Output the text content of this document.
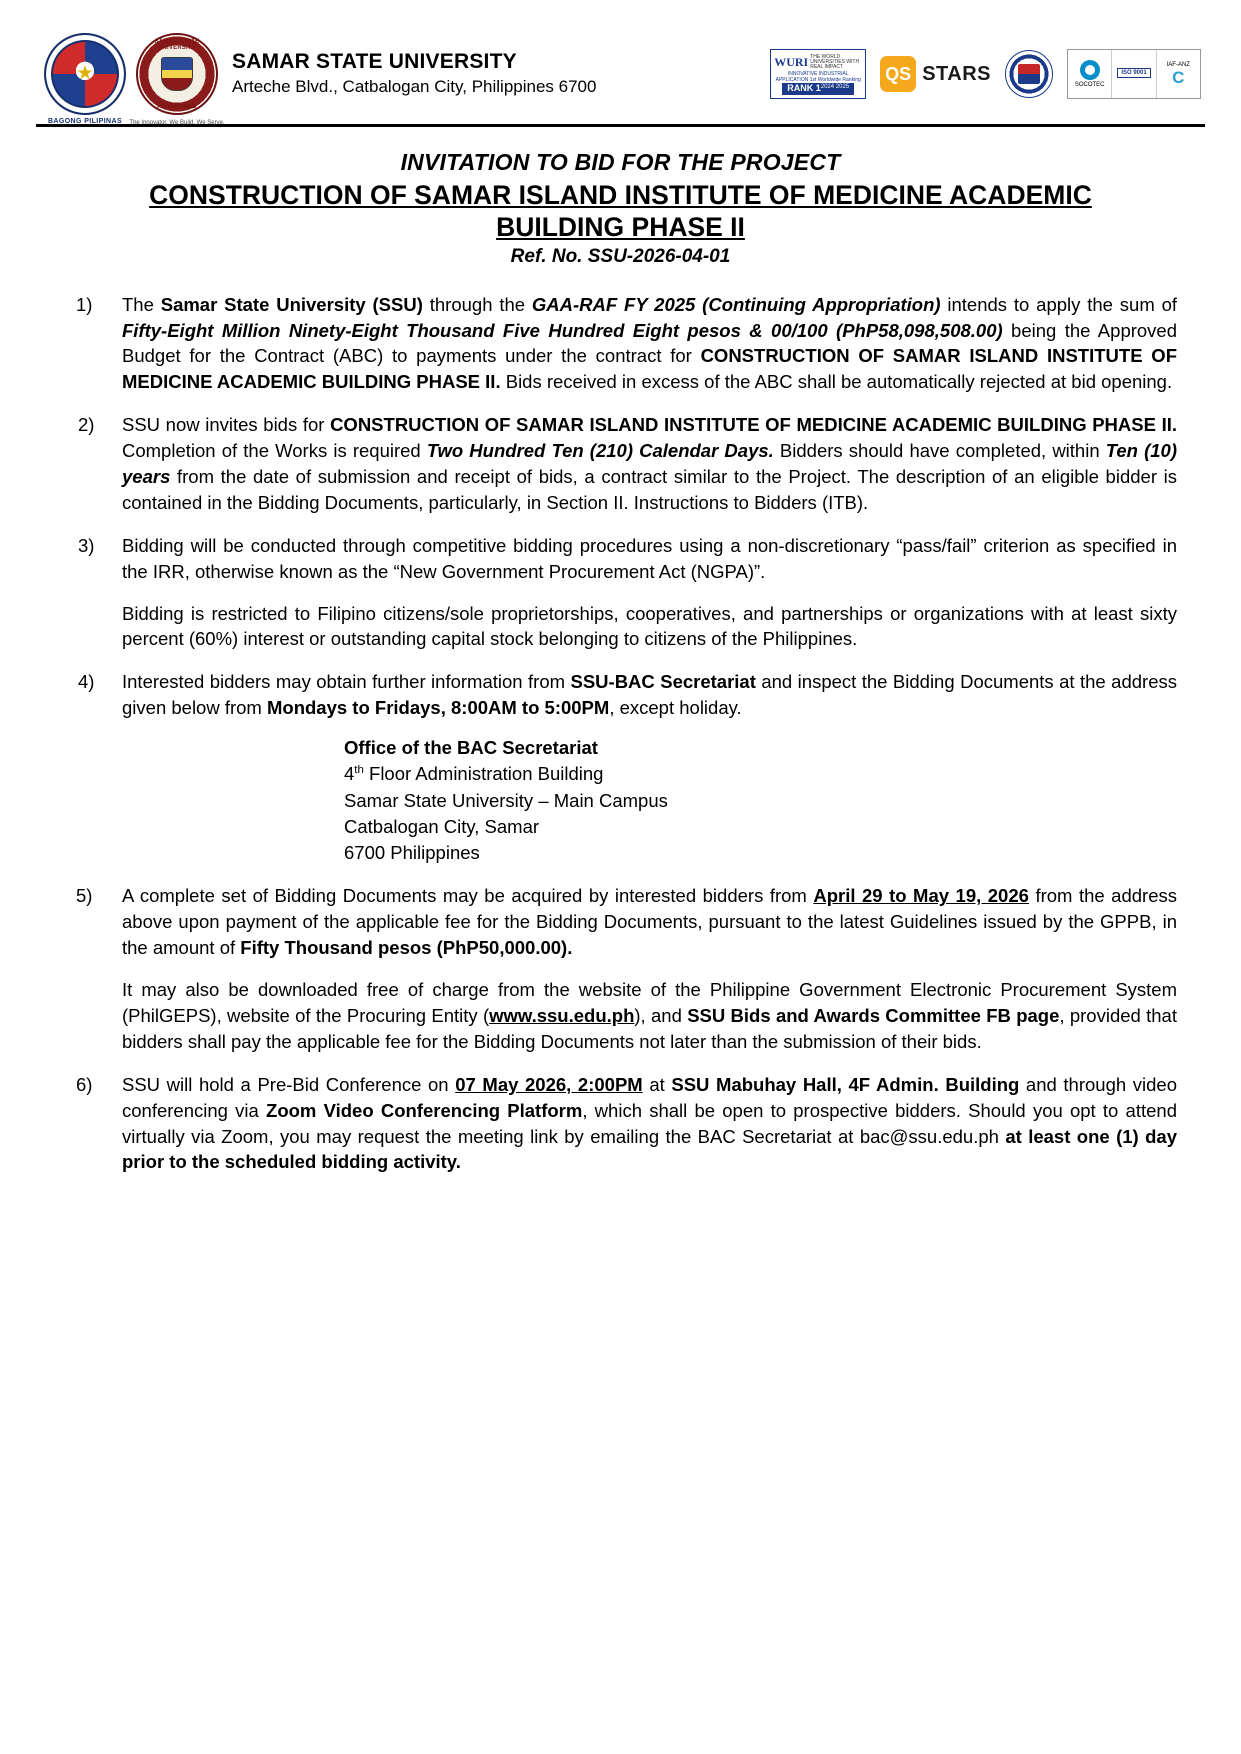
BAGONG PILIPINAS
★
SAMAR STATE UNIVERSITY
PHILIPPINES
The Innovator, We Build, We Serve.
SAMAR STATE UNIVERSITY
Arteche Blvd., Catbalogan City, Philippines 6700
WURI THE WORLD UNIVERSITIES WITH REAL IMPACT
INNOVATIVE INDUSTRIAL APPLICATION 1st Worldwide Ranking
RANK 1 2024 2025
QS STARS
SOCOTEC
ISO 9001
IAF-ANZ
C
INVITATION TO BID FOR THE PROJECT
CONSTRUCTION OF SAMAR ISLAND INSTITUTE OF MEDICINE ACADEMIC BUILDING PHASE II
Ref. No. SSU-2026-04-01
1)	The Samar State University (SSU) through the GAA-RAF FY 2025 (Continuing Appropriation) intends to apply the sum of Fifty-Eight Million Ninety-Eight Thousand Five Hundred Eight pesos & 00/100 (PhP58,098,508.00) being the Approved Budget for the Contract (ABC) to payments under the contract for CONSTRUCTION OF SAMAR ISLAND INSTITUTE OF MEDICINE ACADEMIC BUILDING PHASE II. Bids received in excess of the ABC shall be automatically rejected at bid opening.

2)	SSU now invites bids for CONSTRUCTION OF SAMAR ISLAND INSTITUTE OF MEDICINE ACADEMIC BUILDING PHASE II. Completion of the Works is required Two Hundred Ten (210) Calendar Days. Bidders should have completed, within Ten (10) years from the date of submission and receipt of bids, a contract similar to the Project. The description of an eligible bidder is contained in the Bidding Documents, particularly, in Section II. Instructions to Bidders (ITB).

3)	Bidding will be conducted through competitive bidding procedures using a non-discretionary “pass/fail” criterion as specified in the IRR, otherwise known as the “New Government Procurement Act (NGPA)”.

Bidding is restricted to Filipino citizens/sole proprietorships, cooperatives, and partnerships or organizations with at least sixty percent (60%) interest or outstanding capital stock belonging to citizens of the Philippines.

4)	Interested bidders may obtain further information from SSU-BAC Secretariat and inspect the Bidding Documents at the address given below from Mondays to Fridays, 8:00AM to 5:00PM, except holiday.

Office of the BAC Secretariat
4th Floor Administration Building
Samar State University – Main Campus
Catbalogan City, Samar
6700 Philippines
5)	A complete set of Bidding Documents may be acquired by interested bidders from April 29 to May 19, 2026 from the address above upon payment of the applicable fee for the Bidding Documents, pursuant to the latest Guidelines issued by the GPPB, in the amount of Fifty Thousand pesos (PhP50,000.00).

It may also be downloaded free of charge from the website of the Philippine Government Electronic Procurement System (PhilGEPS), website of the Procuring Entity (www.ssu.edu.ph), and SSU Bids and Awards Committee FB page, provided that bidders shall pay the applicable fee for the Bidding Documents not later than the submission of their bids.

6)	SSU will hold a Pre-Bid Conference on 07 May 2026, 2:00PM at SSU Mabuhay Hall, 4F Admin. Building and through video conferencing via Zoom Video Conferencing Platform, which shall be open to prospective bidders. Should you opt to attend virtually via Zoom, you may request the meeting link by emailing the BAC Secretariat at bac@ssu.edu.ph at least one (1) day prior to the scheduled bidding activity.
